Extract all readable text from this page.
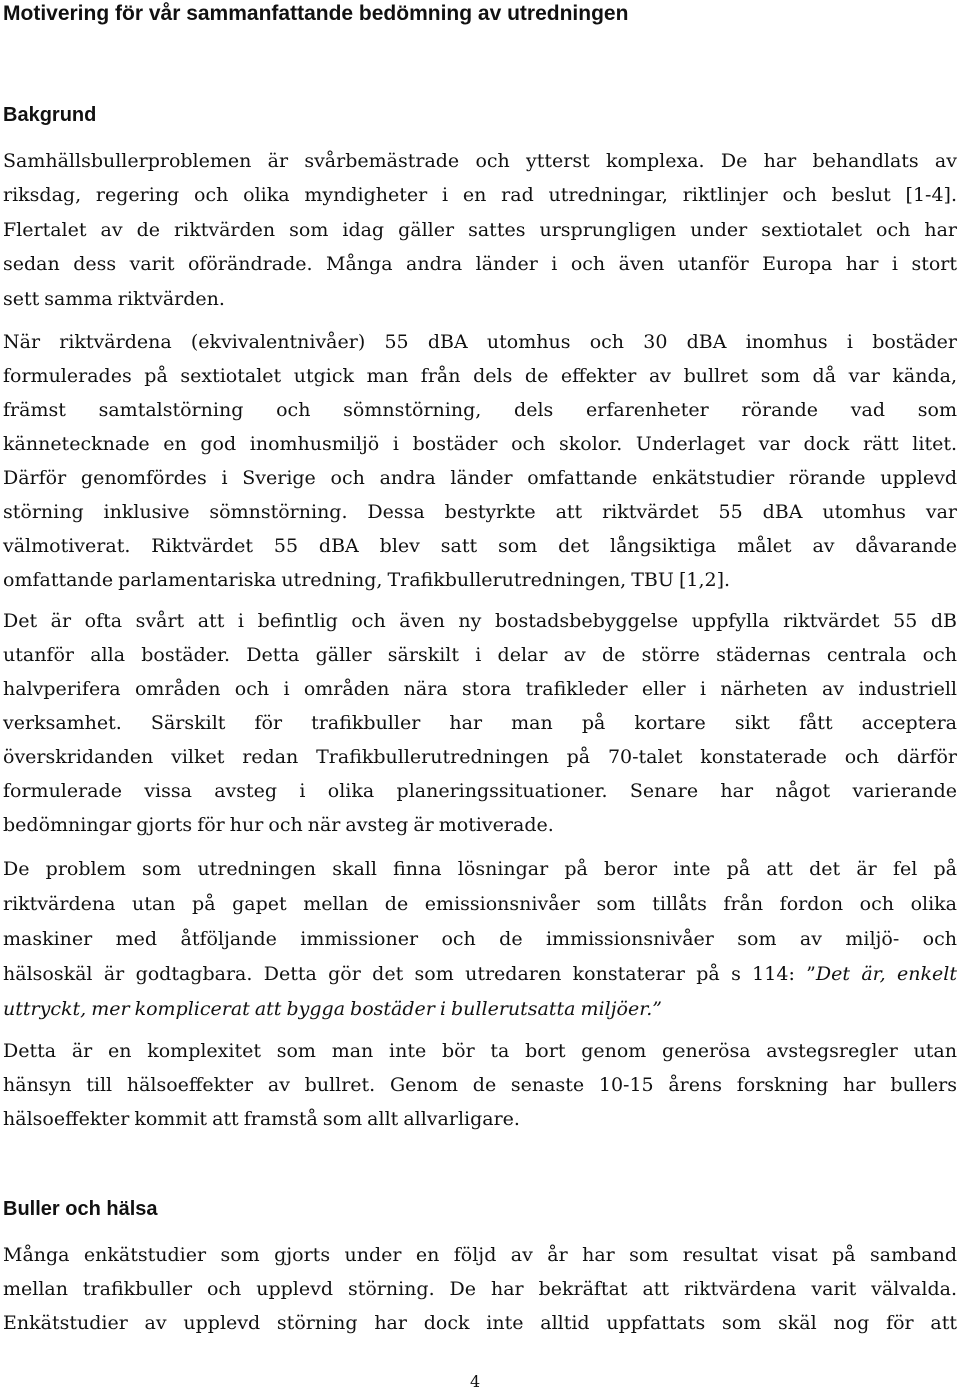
Motivering för vår sammanfattande bedömning av utredningen
Bakgrund

Samhällsbullerproblemen är svårbemästrade och ytterst komplexa. De har behandlats av
riksdag, regering och olika myndigheter i en rad utredningar, riktlinjer och beslut [1-4].
Flertalet av de riktvärden som idag gäller sattes ursprungligen under sextiotalet och har
sedan dess varit oförändrade. Många andra länder i och även utanför Europa har i stort
sett samma riktvärden.

När riktvärdena (ekvivalentnivåer) 55 dBA utomhus och 30 dBA inomhus i bostäder
formulerades på sextiotalet utgick man från dels de effekter av bullret som då var kända,
främst samtalstörning och sömnstörning, dels erfarenheter rörande vad som
kännetecknade en god inomhusmiljö i bostäder och skolor. Underlaget var dock rätt litet.
Därför genomfördes i Sverige och andra länder omfattande enkätstudier rörande upplevd
störning inklusive sömnstörning. Dessa bestyrkte att riktvärdet 55 dBA utomhus var
välmotiverat. Riktvärdet 55 dBA blev satt som det långsiktiga målet av dåvarande
omfattande parlamentariska utredning, Trafikbullerutredningen, TBU [1,2].

Det är ofta svårt att i befintlig och även ny bostadsbebyggelse uppfylla riktvärdet 55 dB
utanför alla bostäder. Detta gäller särskilt i delar av de större städernas centrala och
halvperifera områden och i områden nära stora trafikleder eller i närheten av industriell
verksamhet. Särskilt för trafikbuller har man på kortare sikt fått acceptera
överskridanden vilket redan Trafikbullerutredningen på 70-talet konstaterade och därför
formulerade vissa avsteg i olika planeringssituationer. Senare har något varierande
bedömningar gjorts för hur och när avsteg är motiverade.

De problem som utredningen skall finna lösningar på beror inte på att det är fel på
riktvärdena utan på gapet mellan de emissionsnivåer som tillåts från fordon och olika
maskiner med åtföljande immissioner och de immissionsnivåer som av miljö- och
hälsoskäl är godtagbara. Detta gör det som utredaren konstaterar på s 114: ”Det är, enkelt
uttryckt, mer komplicerat att bygga bostäder i bullerutsatta miljöer.”

Detta är en komplexitet som man inte bör ta bort genom generösa avstegsregler utan
hänsyn till hälsoeffekter av bullret. Genom de senaste 10-15 årens forskning har bullers
hälsoeffekter kommit att framstå som allt allvarligare.

Buller och hälsa

Många enkätstudier som gjorts under en följd av år har som resultat visat på samband
mellan trafikbuller och upplevd störning. De har bekräftat att riktvärdena varit välvalda.
Enkätstudier av upplevd störning har dock inte alltid uppfattats som skäl nog för att

4
